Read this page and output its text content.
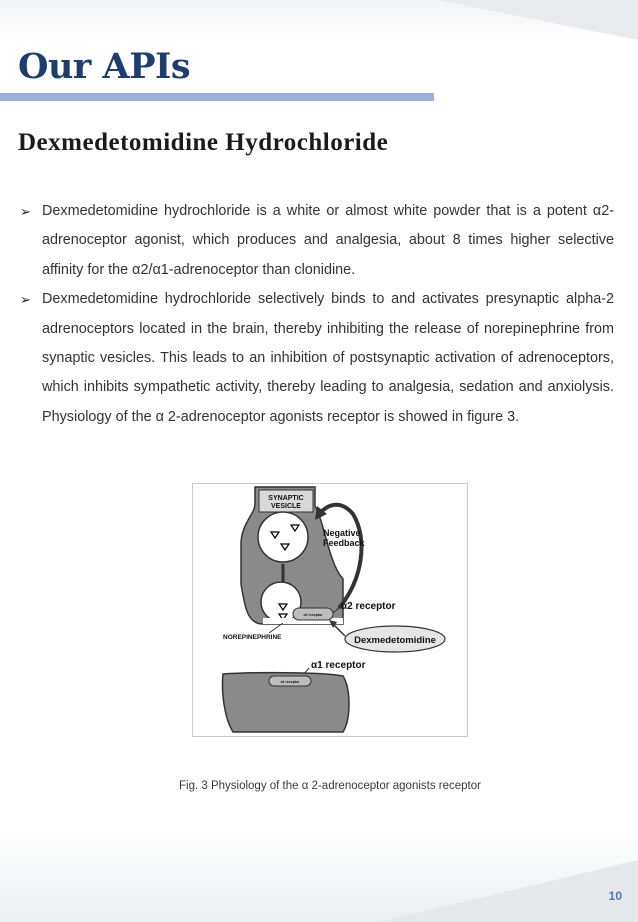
Our APIs
Dexmedetomidine Hydrochloride
➢ Dexmedetomidine hydrochloride is a white or almost white powder that is a potent α2-adrenoceptor agonist, which produces and analgesia, about 8 times higher selective affinity for the α2/α1-adrenoceptor than clonidine.
➢ Dexmedetomidine hydrochloride selectively binds to and activates presynaptic alpha-2 adrenoceptors located in the brain, thereby inhibiting the release of norepinephrine from synaptic vesicles. This leads to an inhibition of postsynaptic activation of adrenoceptors, which inhibits sympathetic activity, thereby leading to analgesia, sedation and anxiolysis. Physiology of the α 2-adrenoceptor agonists receptor is showed in figure 3.
SYNAPTIC
VESICLE
α2 receptor
Negative
Feedback
α2 receptor
Dexmedetomidine
NOREPINEPHRINE
α1 receptor
α1 receptor
Fig. 3 Physiology of the α 2-adrenoceptor agonists receptor
10
